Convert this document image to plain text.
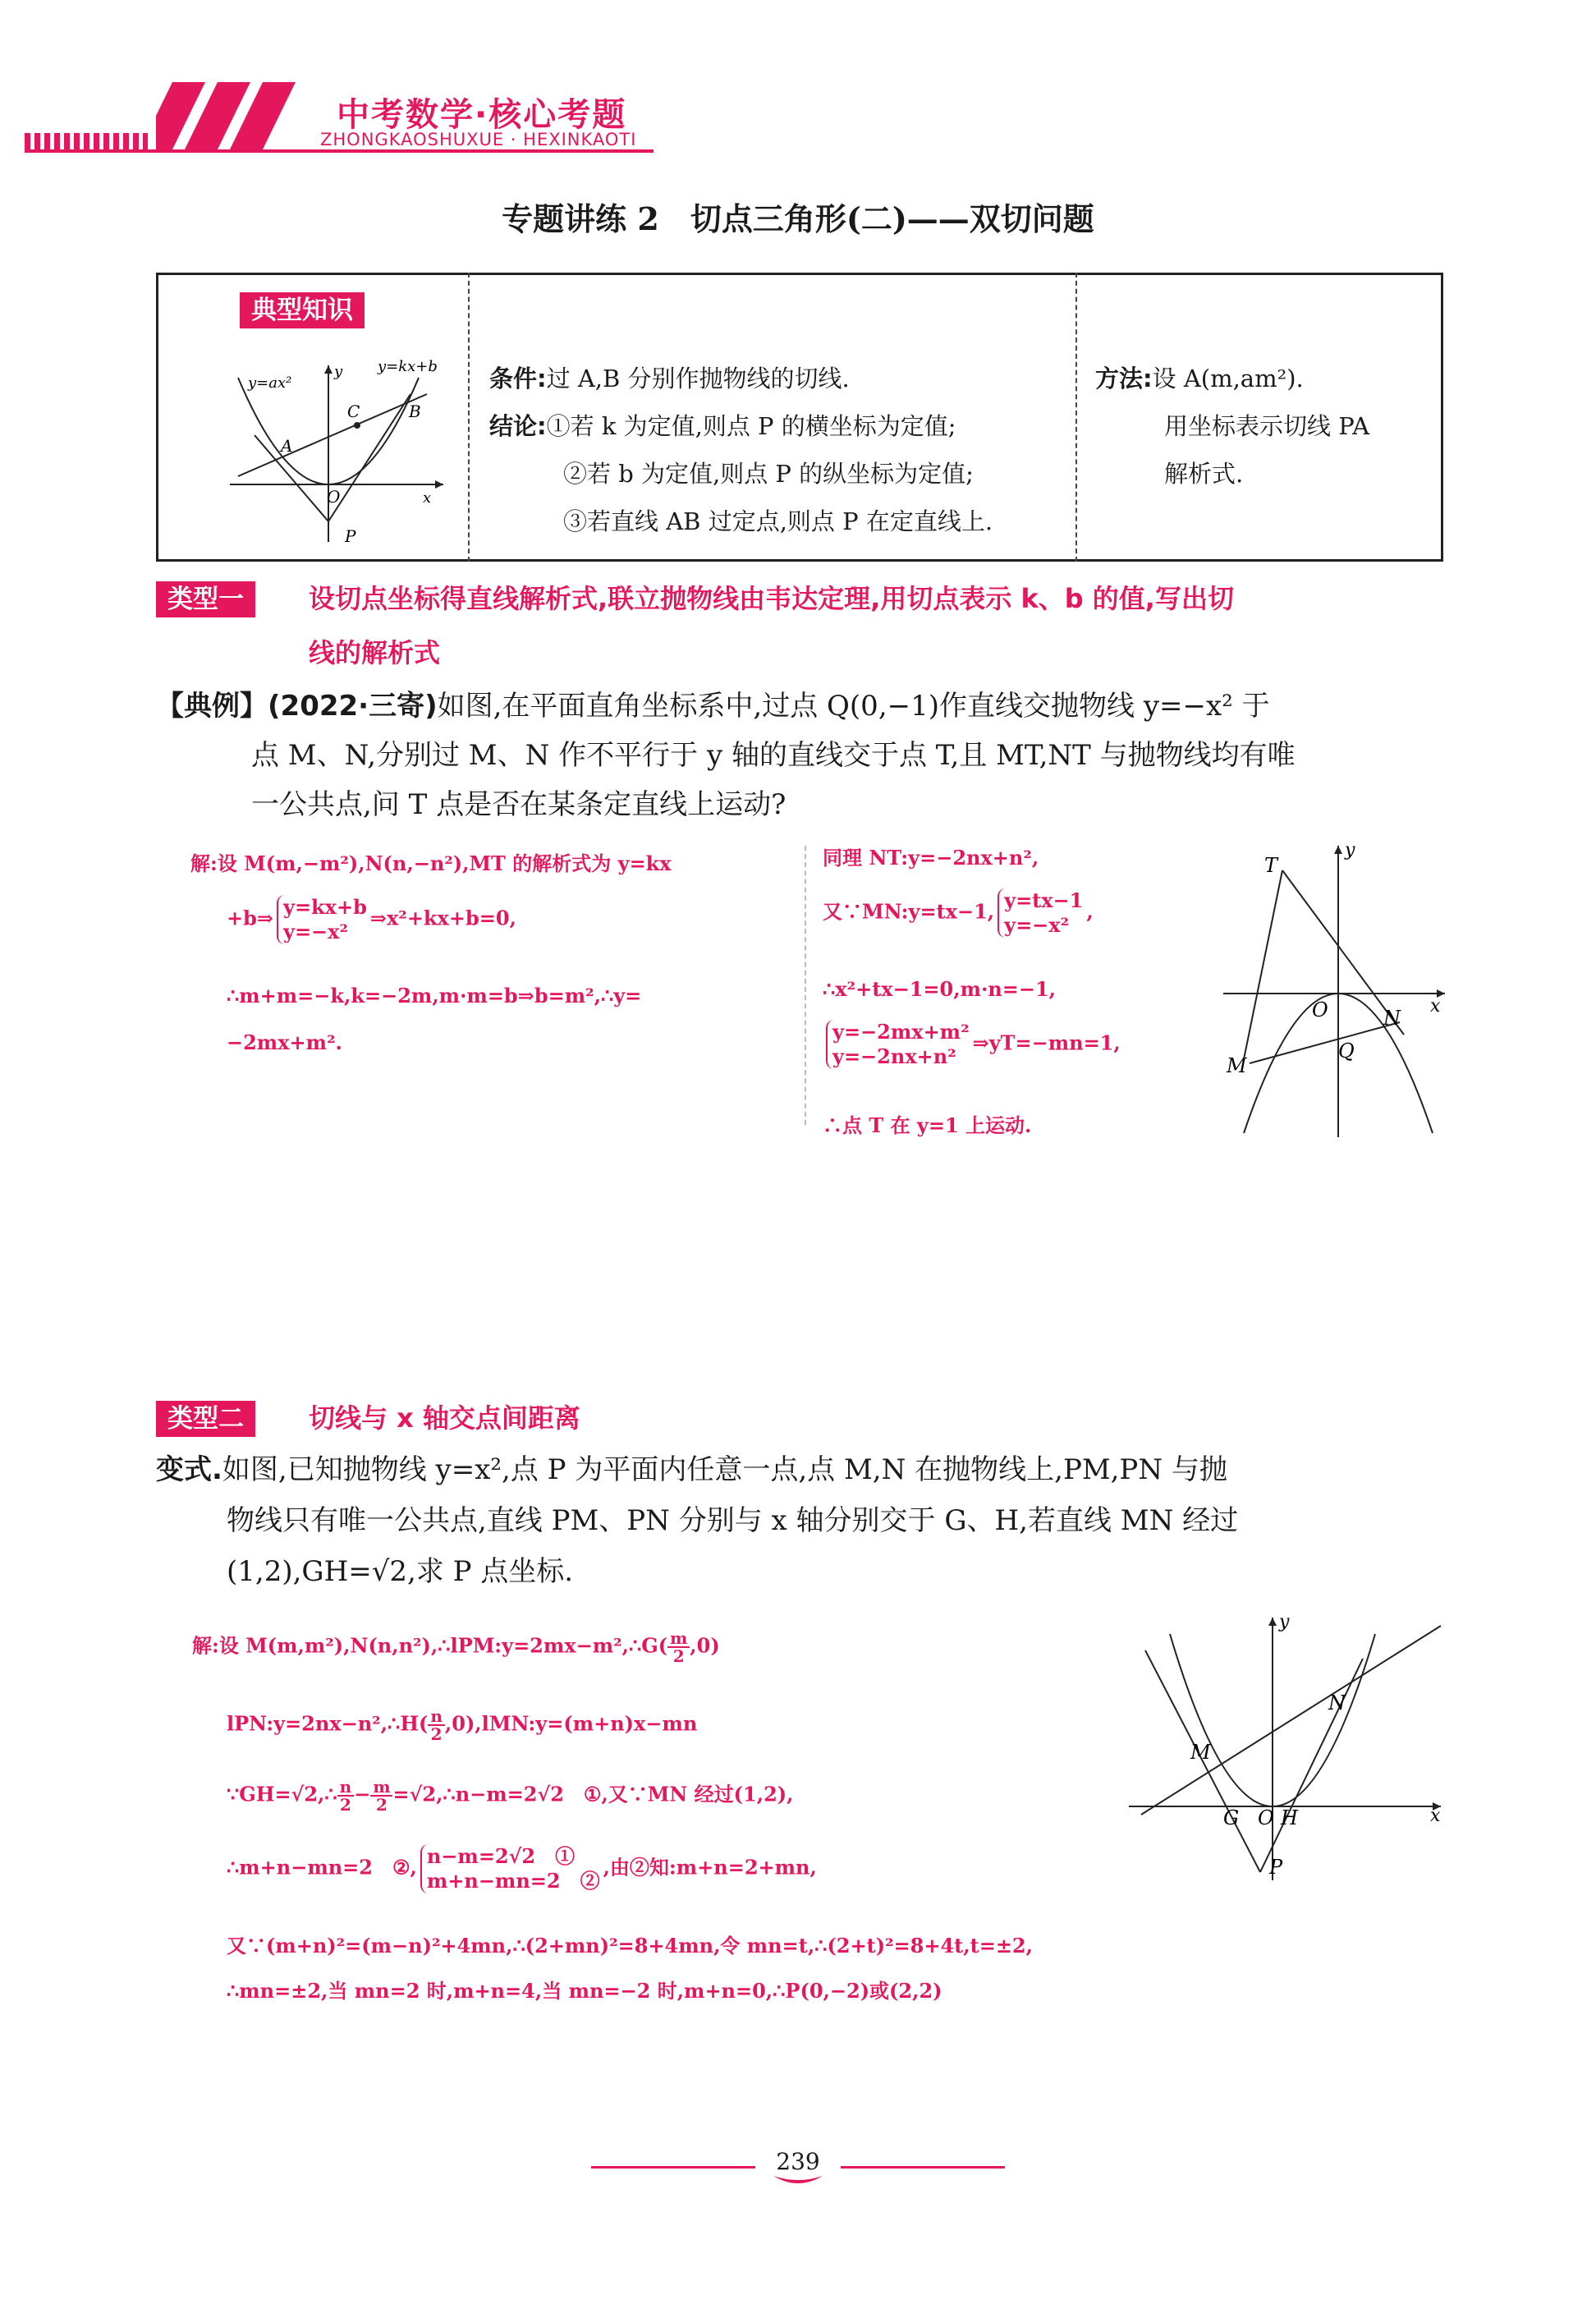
中考数学·核心考题
ZHONGKAOSHUXUE · HEXINKAOTI
专题讲练 2　切点三角形(二)——双切问题
典型知识
y=ax²
y=kx+b
y
x
O
A
B
C
P
条件:过 A,B 分别作抛物线的切线.
结论:①若 k 为定值,则点 P 的横坐标为定值;
②若 b 为定值,则点 P 的纵坐标为定值;
③若直线 AB 过定点,则点 P 在定直线上.
方法:设 A(m,am²).
用坐标表示切线 PA
解析式.
类型一	设切点坐标得直线解析式,联立抛物线由韦达定理,用切点表示 k、b 的值,写出切
线的解析式
【典例】(2022·三寄)如图,在平面直角坐标系中,过点 Q(0,−1)作直线交抛物线 y=−x² 于
点 M、N,分别过 M、N 作不平行于 y 轴的直线交于点 T,且 MT,NT 与抛物线均有唯
一公共点,问 T 点是否在某条定直线上运动?
解:设 M(m,−m²),N(n,−n²),MT 的解析式为 y=kx
+b⇒ y=kx+b
y=−x²
⇒x²+kx+b=0,
∴m+m=−k,k=−2m,m·m=b⇒b=m²,∴y=
−2mx+m².
同理 NT:y=−2nx+n²,
又∵MN:y=tx−1, y=tx−1
y=−x²
,
∴x²+tx−1=0,m·n=−1,
y=−2mx+m²
y=−2nx+n²
⇒yT=−mn=1,
∴点 T 在 y=1 上运动.
T
y
x
O	N
Q
M
类型二	切线与 x 轴交点间距离
变式.如图,已知抛物线 y=x²,点 P 为平面内任意一点,点 M,N 在抛物线上,PM,PN 与抛
物线只有唯一公共点,直线 PM、PN 分别与 x 轴分别交于 G、H,若直线 MN 经过
(1,2),GH=√2,求 P 点坐标.
解:设 M(m,m²),N(n,n²),∴lPM:y=2mx−m²,∴G( $\frac{m}{2} ,0$)
lPN:y=2nx−n²,∴H( $\frac{n}{2}$ ,0),lMN:y=(m+n)x−mn
∵GH=√2,∴ $\frac{n}{2} - \frac{m}{2}$ =√2,∴n−m=2√2　①,又∵MN 经过(1,2),
∴m+n−mn=2　②, n−m=2√2　①
m+n−mn=2　②
,由②知:m+n=2+mn,
又∵(m+n)²=(m−n)²+4mn,∴(2+mn)²=8+4mn,令 mn=t,∴(2+t)²=8+4t,t=±2,
∴mn=±2,当 mn=2 时,m+n=4,当 mn=−2 时,m+n=0,∴P(0,−2)或(2,2)
y
x
N
M
G O H
P
239
